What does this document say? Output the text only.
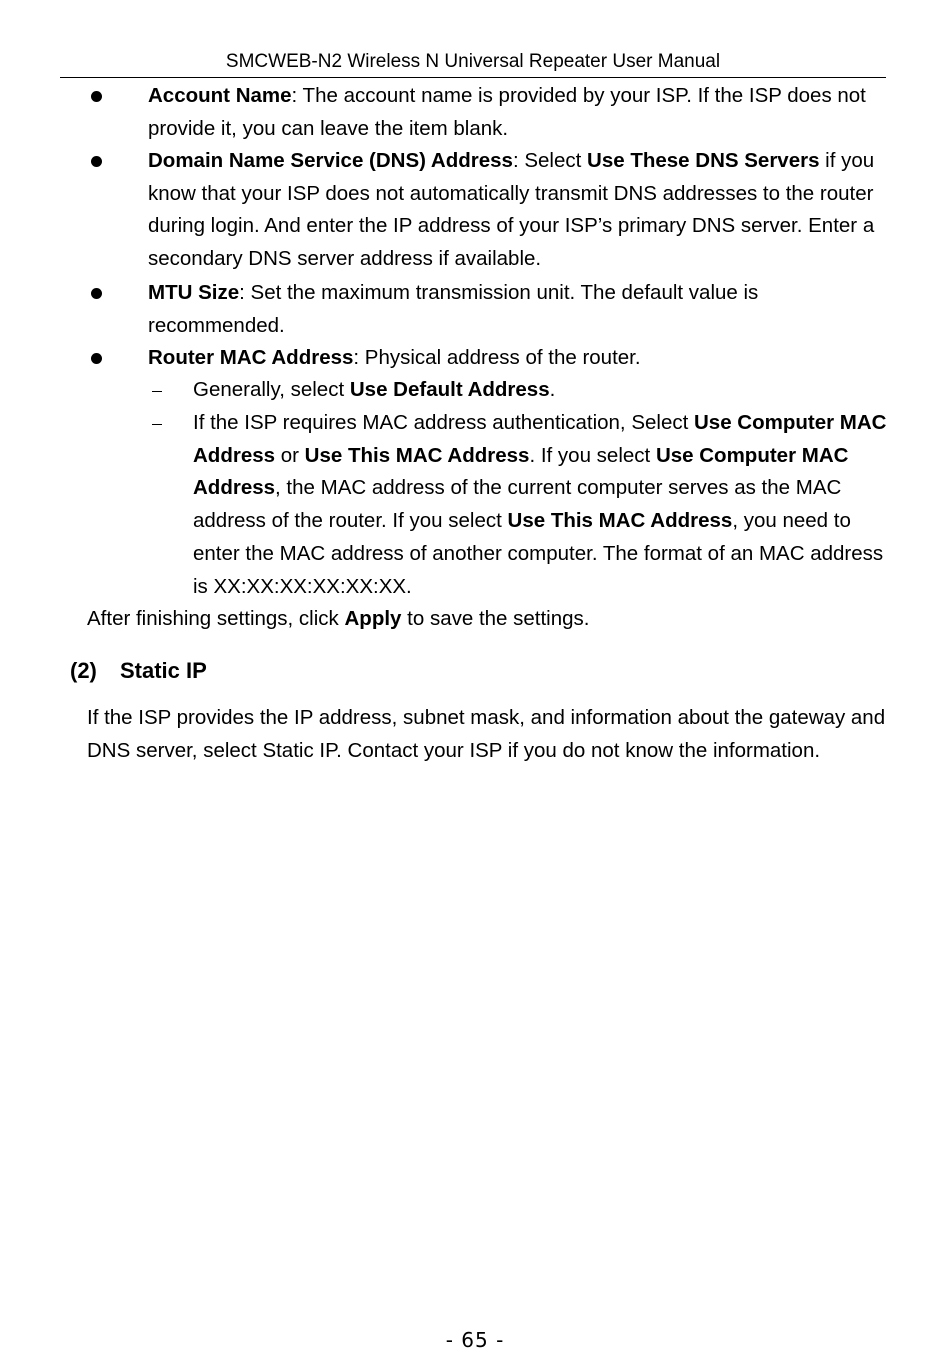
SMCWEB-N2 Wireless N Universal Repeater User Manual

Account Name: The account name is provided by your ISP. If the ISP does not provide it, you can leave the item blank.

Domain Name Service (DNS) Address: Select Use These DNS Servers if you know that your ISP does not automatically transmit DNS addresses to the router during login. And enter the IP address of your ISP’s primary DNS server. Enter a secondary DNS server address if available.

MTU Size: Set the maximum transmission unit. The default value is recommended.

Router MAC Address: Physical address of the router.

Generally, select Use Default Address.

If the ISP requires MAC address authentication, Select Use Computer MAC Address or Use This MAC Address. If you select Use Computer MAC Address, the MAC address of the current computer serves as the MAC address of the router. If you select Use This MAC Address, you need to enter the MAC address of another computer. The format of an MAC address is XX:XX:XX:XX:XX:XX.

After finishing settings, click Apply to save the settings.

(2) Static IP

If the ISP provides the IP address, subnet mask, and information about the gateway and DNS server, select Static IP. Contact your ISP if you do not know the information.

- 65 -
